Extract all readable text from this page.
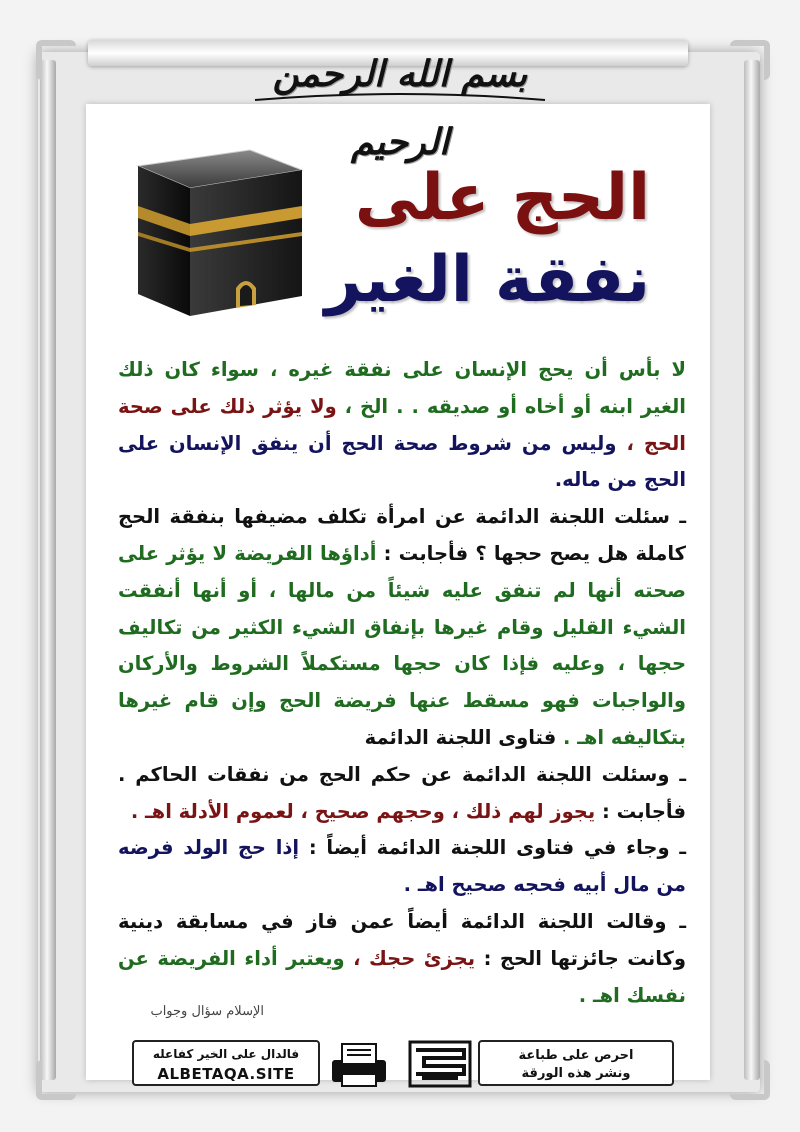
بسم الله الرحمن الرحيم
الحج على
نفقة الغير

لا بأس أن يحج الإنسان على نفقة غيره ، سواء كان ذلك الغير ابنه أو أخاه أو صديقه . . الخ ، ولا يؤثر ذلك على صحة الحج ، وليس من شروط صحة الحج أن ينفق الإنسان على الحج من ماله.

ـ سئلت اللجنة الدائمة عن امرأة تكلف مضيفها بنفقة الحج كاملة هل يصح حجها ؟ فأجابت : أداؤها الفريضة لا يؤثر على صحته أنها لم تنفق عليه شيئاً من مالها ، أو أنها أنفقت الشيء القليل وقام غيرها بإنفاق الشيء الكثير من تكاليف حجها ، وعليه فإذا كان حجها مستكملاً الشروط والأركان والواجبات فهو مسقط عنها فريضة الحج وإن قام غيرها بتكاليفه اهـ . فتاوى اللجنة الدائمة

ـ وسئلت اللجنة الدائمة عن حكم الحج من نفقات الحاكم . فأجابت : يجوز لهم ذلك ، وحجهم صحيح ، لعموم الأدلة اهـ .

ـ وجاء في فتاوى اللجنة الدائمة أيضاً : إذا حج الولد فرضه من مال أبيه فحجه صحيح اهـ .

ـ وقالت اللجنة الدائمة أيضاً عمن فاز في مسابقة دينية وكانت جائزتها الحج : يجزئ حجك ، ويعتبر أداء الفريضة عن نفسك اهـ .

الإسلام سؤال وجواب
فالدال على الخير كفاعله
ALBETAQA.SITE
احرص على طباعة
ونشر هذه الورقة
